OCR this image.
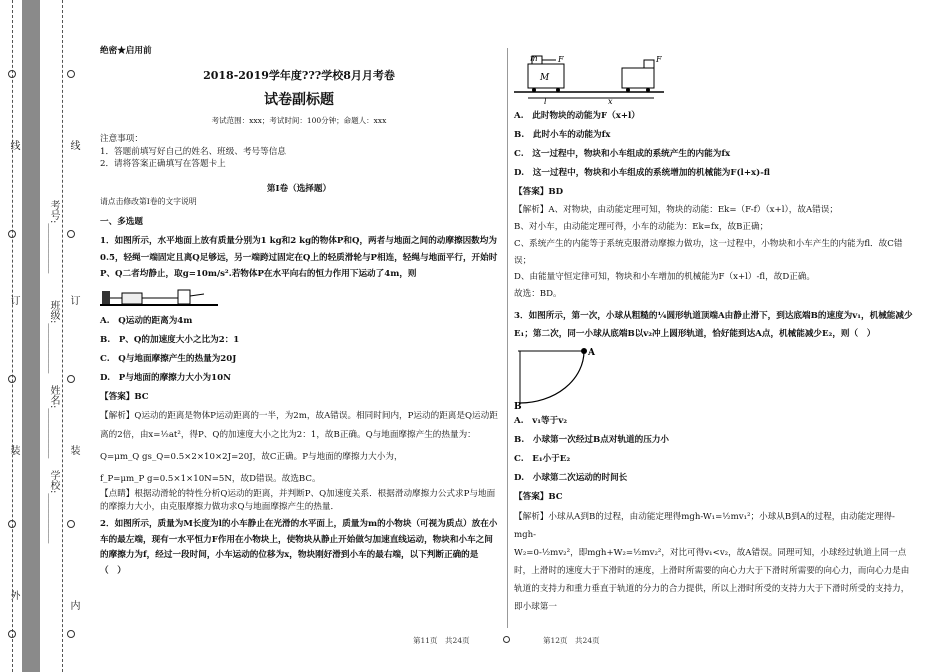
外
装
订
线
内
装
订
线
学校:__________
姓名:__________
班级:__________
考号:__________

绝密★启用前

2018-2019学年度???学校8月月考卷

试卷副标题

考试范围：xxx；考试时间：100分钟；命题人：xxx

注意事项：

1．答题前填写好自己的姓名、班级、考号等信息

2．请将答案正确填写在答题卡上

第I卷（选择题）

请点击修改第I卷的文字说明

一、多选题

1．如图所示，水平地面上放有质量分别为1 kg和2 kg的物体P和Q，两者与地面之间的动摩擦因数均为0.5，轻绳一端固定且离Q足够远，另一端跨过固定在Q上的轻质滑轮与P相连，轻绳与地面平行，开始时P、Q二者均静止，取g=10m/s².若物体P在水平向右的恒力作用下运动了4m，则

A.　Q运动的距离为4m

B.　P、Q的加速度大小之比为2：1

C.　Q与地面摩擦产生的热量为20J

D.　P与地面的摩擦力大小为10N

【答案】BC

【解析】Q运动的距离是物体P运动距离的一半，为2m，故A错误。相同时间内，P运动的距离是Q运动距离的2倍，由x=½at²，得P、Q的加速度大小之比为2：1，故B正确。Q与地面摩擦产生的热量为：

Q=μm_Q gs_Q=0.5×2×10×2J=20J，故C正确。P与地面的摩擦力大小为，

f_P=μm_P g=0.5×1×10N=5N，故D错误。故选BC。

【点睛】根据动滑轮的特性分析Q运动的距离，并判断P、Q加速度关系．根据滑动摩擦力公式求P与地面的摩擦力大小，由克服摩擦力做功求Q与地面摩擦产生的热量．

2．如图所示，质量为M长度为l的小车静止在光滑的水平面上，质量为m的小物块（可视为质点）放在小车的最左端，现有一水平恒力F作用在小物块上，使物块从静止开始做匀加速直线运动，物块和小车之间的摩擦力为f，经过一段时间，小车运动的位移为x，物块刚好滑到小车的最右端，以下判断正确的是（　）

m
M
F	F
l	x

A.　此时物块的动能为F（x+l）

B.　此时小车的动能为fx

C.　这一过程中，物块和小车组成的系统产生的内能为fx

D.　这一过程中，物块和小车组成的系统增加的机械能为F(l+x)-fl

【答案】BD

【解析】A、对物块，由动能定理可知，物块的动能：Ek=（F-f）（x+l），故A错误；

B、对小车，由动能定理可得，小车的动能为：Ek=fx，故B正确；

C、系统产生的内能等于系统克服滑动摩擦力做功，这一过程中，小物块和小车产生的内能为fl．故C错误；

D、由能量守恒定律可知，物块和小车增加的机械能为F（x+l）-fl，故D正确。

故选：BD。

3．如图所示，第一次，小球从粗糙的¼圆形轨道顶端A由静止滑下，到达底端B的速度为v₁，机械能减少E₁；第二次，同一小球从底端B以v₂冲上圆形轨道，恰好能到达A点，机械能减少E₂，则（　）

A
B

A.　v₁等于v₂

B.　小球第一次经过B点对轨道的压力小

C.　E₁小于E₂

D.　小球第二次运动的时间长

【答案】BC

【解析】小球从A到B的过程，由动能定理得mgh-W₁=½mv₁²；小球从B到A的过程，由动能定理得-mgh-

W₂=0-½mv₂²，即mgh+W₂=½mv₂²，对比可得v₁<v₂，故A错误。同理可知，小球经过轨道上同一点时，上滑时的速度大于下滑时的速度，上滑时所需要的向心力大于下滑时所需要的向心力，而向心力是由轨道的支持力和重力垂直于轨道的分力的合力提供，所以上滑时所受的支持力大于下滑时所受的支持力，即小球第一

第11页　共24页	第12页　共24页
